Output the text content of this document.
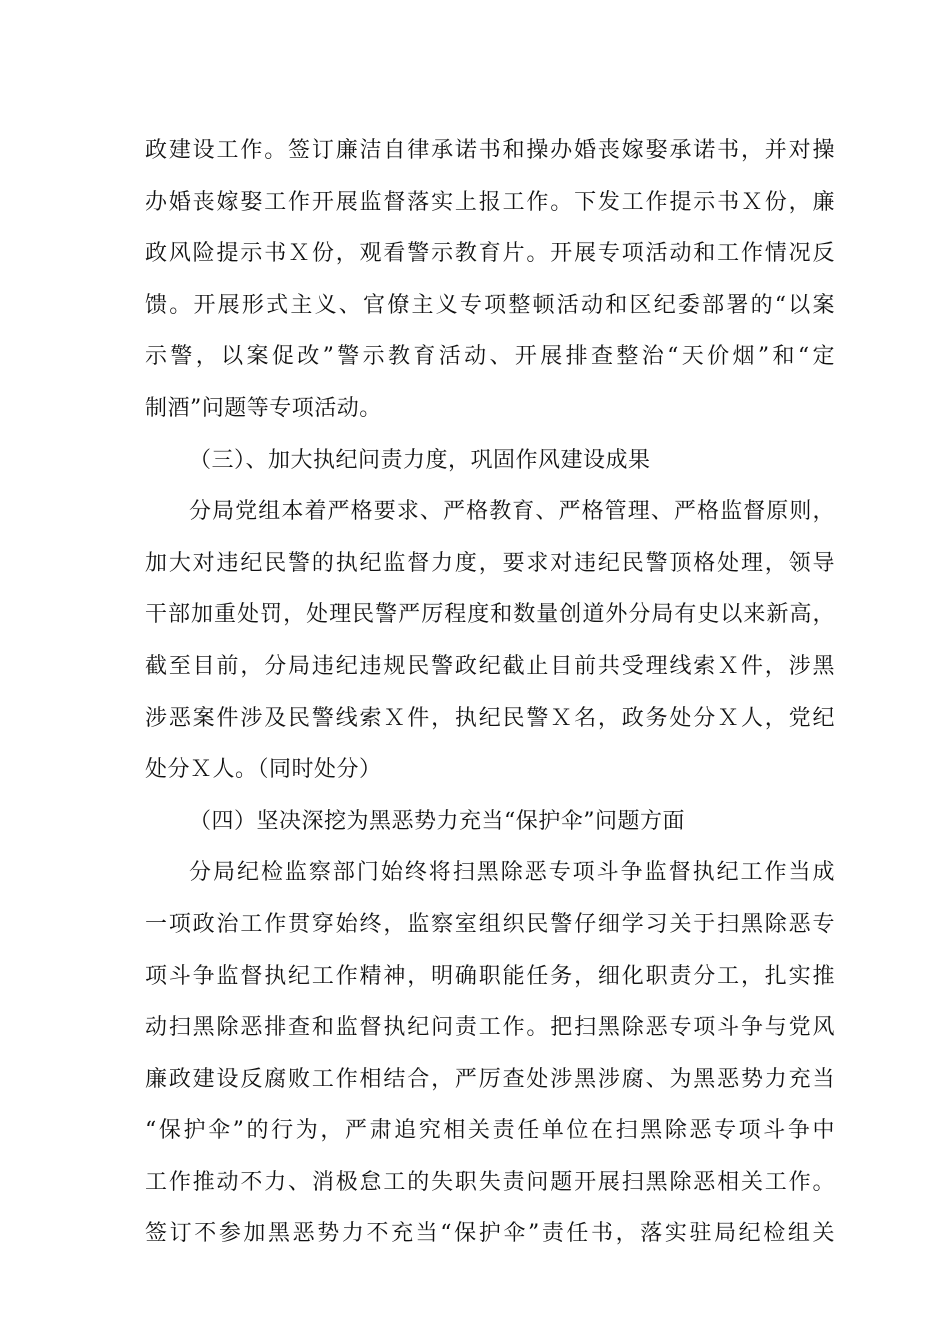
政建设工作。签订廉洁自律承诺书和操办婚丧嫁娶承诺书，并对操
办婚丧嫁娶工作开展监督落实上报工作。下发工作提示书Ｘ份，廉
政风险提示书Ｘ份，观看警示教育片。开展专项活动和工作情况反
馈。开展形式主义、官僚主义专项整顿活动和区纪委部署的“以案
示警，以案促改”警示教育活动、开展排查整治“天价烟”和“定
制酒”问题等专项活动。
（三）、加大执纪问责力度，巩固作风建设成果
分局党组本着严格要求、严格教育、严格管理、严格监督原则，
加大对违纪民警的执纪监督力度，要求对违纪民警顶格处理，领导
干部加重处罚，处理民警严厉程度和数量创道外分局有史以来新高，
截至目前，分局违纪违规民警政纪截止目前共受理线索Ｘ件，涉黑
涉恶案件涉及民警线索Ｘ件，执纪民警Ｘ名，政务处分Ｘ人，党纪
处分Ｘ人。（同时处分）
（四）坚决深挖为黑恶势力充当“保护伞”问题方面
分局纪检监察部门始终将扫黑除恶专项斗争监督执纪工作当成
一项政治工作贯穿始终，监察室组织民警仔细学习关于扫黑除恶专
项斗争监督执纪工作精神，明确职能任务，细化职责分工，扎实推
动扫黑除恶排查和监督执纪问责工作。把扫黑除恶专项斗争与党风
廉政建设反腐败工作相结合，严厉查处涉黑涉腐、为黑恶势力充当
“保护伞”的行为，严肃追究相关责任单位在扫黑除恶专项斗争中
工作推动不力、消极怠工的失职失责问题开展扫黑除恶相关工作。
签订不参加黑恶势力不充当“保护伞”责任书，落实驻局纪检组关
